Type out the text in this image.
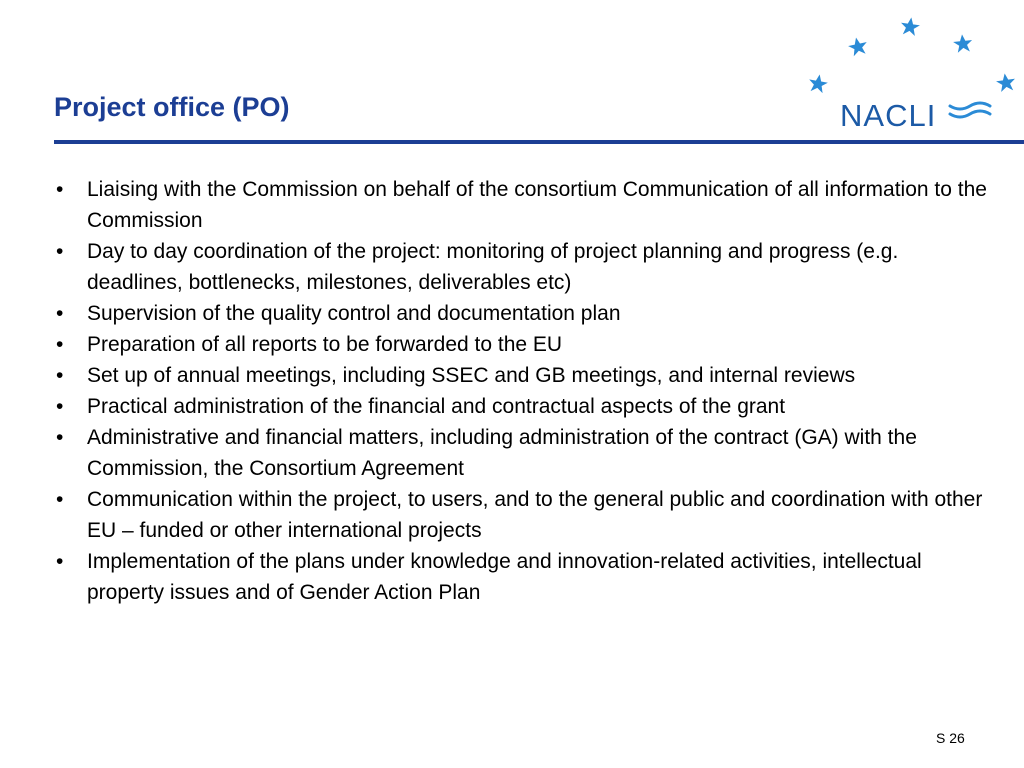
Project office (PO)	NACLI
• Liaising with the Commission on behalf of the consortium Communication of all information to the Commission
• Day to day coordination of the project: monitoring of project planning and progress (e.g. deadlines, bottlenecks, milestones, deliverables etc)
• Supervision of the quality control and documentation plan
• Preparation of all reports to be forwarded to the EU
• Set up of annual meetings, including SSEC and GB meetings, and internal reviews
• Practical administration of the financial and contractual aspects of the grant
• Administrative and financial matters, including administration of the contract (GA) with the Commission, the Consortium Agreement
• Communication within the project, to users, and to the general public and coordination with other EU – funded or other international projects
• Implementation of the plans under knowledge and innovation-related activities, intellectual property issues and of Gender Action Plan
S 26
